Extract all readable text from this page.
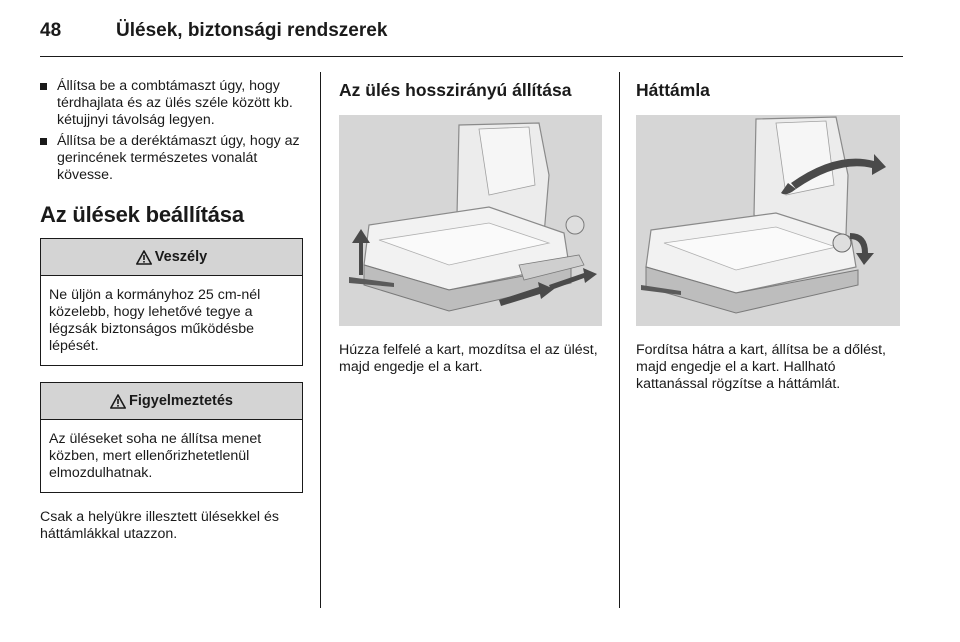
48	Ülések, biztonsági rendszerek
Állítsa be a combtámaszt úgy, hogy térdhajlata és az ülés széle között kb. kétujjnyi távolság legyen.
Állítsa be a deréktámaszt úgy, hogy az gerincének természetes vonalát kövesse.
Az ülések beállítása
Veszély
Ne üljön a kormányhoz 25 cm-nél közelebb, hogy lehetővé tegye a légzsák biztonságos működésbe lépését.
Figyelmeztetés
Az üléseket soha ne állítsa menet közben, mert ellenőrizhetetlenül elmozdulhatnak.

Csak a helyükre illesztett ülésekkel és háttámlákkal utazzon.

Az ülés hosszirányú állítása

Húzza felfelé a kart, mozdítsa el az ülést, majd engedje el a kart.

Háttámla

Fordítsa hátra a kart, állítsa be a dőlést, majd engedje el a kart. Hallható kattanással rögzítse a háttámlát.
